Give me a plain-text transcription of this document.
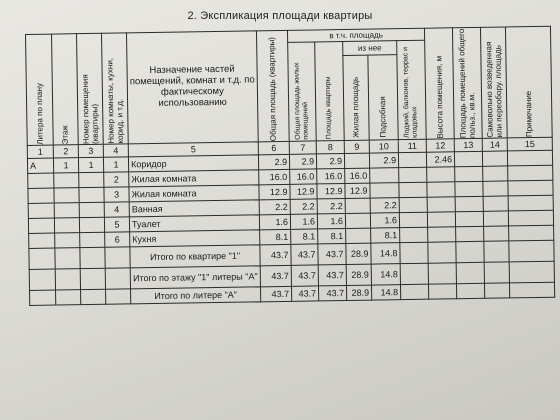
2. Экспликация площади квартиры
Литера по плану	Этаж	Номер помещения (квартиры)	Номер комнаты, кухни, корид. и т.д.	Назначение частей помещений, комнат и т.д. по фактическому использованию	Общая площадь (квартиры)	в т.ч. площадь					Высота помещения, м	Площадь помещений общего польз., кв.м.	Самовольно возведенная или переобору. площадь	Примечание

						Общая площадь жилых помещений	Площадь квартиры	из нее		Лоджий, балконов, террас и кладовых				

								Жилая площадь	Подсобная					

1	2	3	4	5	6	7	8	9	10	11	12	13	14	15
А	1	1	1	Коридор	2.9	2.9	2.9		2.9		2.46			
			2	Жилая комната	16.0	16.0	16.0	16.0						
			3	Жилая комната	12.9	12.9	12.9	12.9						
			4	Ванная	2.2	2.2	2.2		2.2					
			5	Туалет	1.6	1.6	1.6		1.6					
			6	Кухня	8.1	8.1	8.1		8.1					
				Итого по квартире "1"	43.7	43.7	43.7	28.9	14.8					
				Итого по этажу "1" литеры "А"	43.7	43.7	43.7	28.9	14.8					
				Итого по литере "А"	43.7	43.7	43.7	28.9	14.8					
